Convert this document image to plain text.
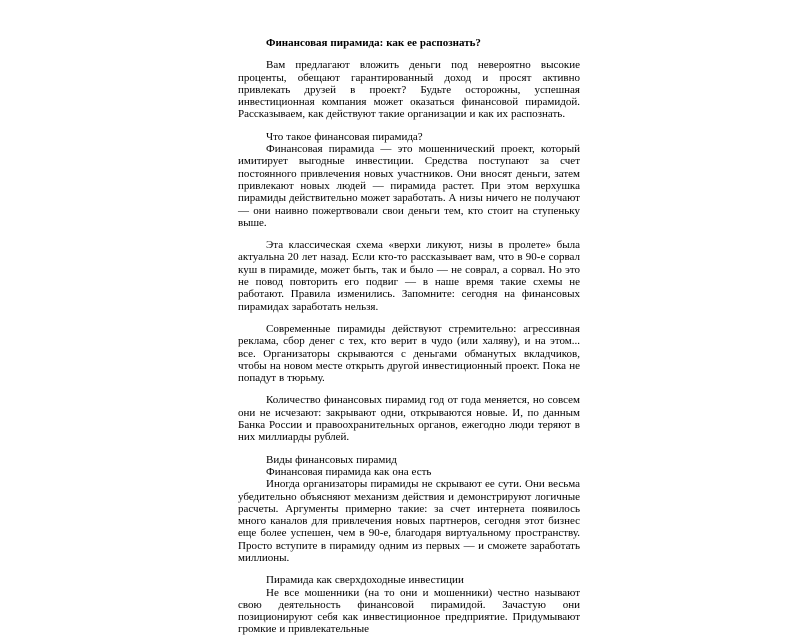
Финансовая пирамида: как ее распознать?

Вам предлагают вложить деньги под невероятно высокие проценты, обещают гарантированный доход и просят активно привлекать друзей в проект? Будьте осторожны, успешная инвестиционная компания может оказаться финансовой пирамидой. Рассказываем, как действуют такие организации и как их распознать.

Что такое финансовая пирамида?

Финансовая пирамида — это мошеннический проект, который имитирует выгодные инвестиции. Средства поступают за счет постоянного привлечения новых участников. Они вносят деньги, затем привлекают новых людей — пирамида растет. При этом верхушка пирамиды действительно может заработать. А низы ничего не получают — они наивно пожертвовали свои деньги тем, кто стоит на ступеньку выше.

Эта классическая схема «верхи ликуют, низы в пролете» была актуальна 20 лет назад. Если кто-то рассказывает вам, что в 90-е сорвал куш в пирамиде, может быть, так и было — не соврал, а сорвал. Но это не повод повторить его подвиг — в наше время такие схемы не работают. Правила изменились. Запомните: сегодня на финансовых пирамидах заработать нельзя.

Современные пирамиды действуют стремительно: агрессивная реклама, сбор денег с тех, кто верит в чудо (или халяву), и на этом... все. Организаторы скрываются с деньгами обманутых вкладчиков, чтобы на новом месте открыть другой инвестиционный проект. Пока не попадут в тюрьму.

Количество финансовых пирамид год от года меняется, но совсем они не исчезают: закрывают одни, открываются новые. И, по данным Банка России и правоохранительных органов, ежегодно люди теряют в них миллиарды рублей.

Виды финансовых пирамид

Финансовая пирамида как она есть

Иногда организаторы пирамиды не скрывают ее сути. Они весьма убедительно объясняют механизм действия и демонстрируют логичные расчеты. Аргументы примерно такие: за счет интернета появилось много каналов для привлечения новых партнеров, сегодня этот бизнес еще более успешен, чем в 90-е, благодаря виртуальному пространству. Просто вступите в пирамиду одним из первых — и сможете заработать миллионы.

Пирамида как сверхдоходные инвестиции

Не все мошенники (на то они и мошенники) честно называют свою деятельность финансовой пирамидой. Зачастую они позиционируют себя как инвестиционное предприятие. Придумывают громкие и привлекательные
